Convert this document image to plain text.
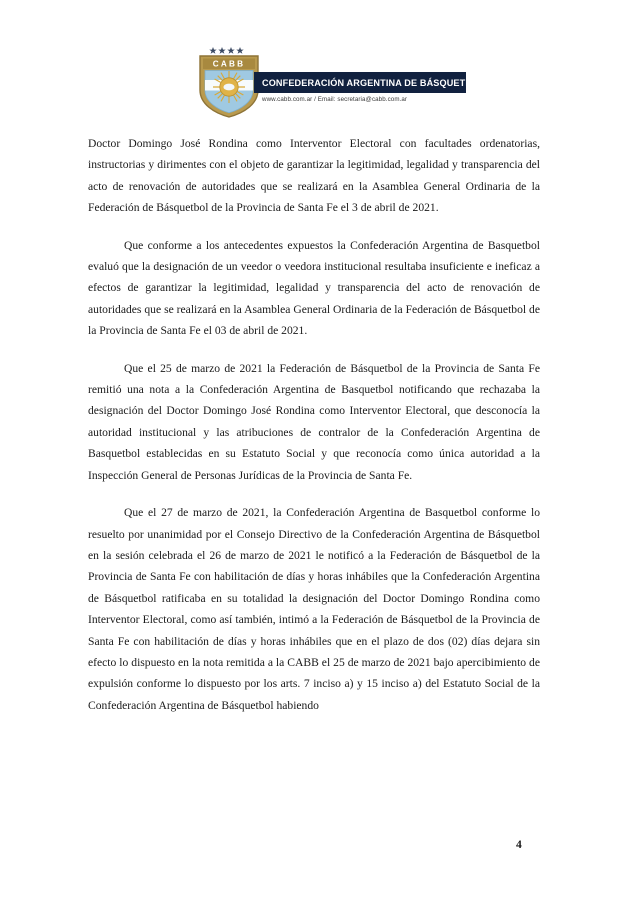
CABB
CONFEDERACIÓN ARGENTINA DE BÁSQUETBOL
www.cabb.com.ar / Email: secretaria@cabb.com.ar

Doctor Domingo José Rondina como Interventor Electoral con facultades ordenatorias, instructorias y dirimentes con el objeto de garantizar la legitimidad, legalidad y transparencia del acto de renovación de autoridades que se realizará en la Asamblea General Ordinaria de la Federación de Básquetbol de la Provincia de Santa Fe el 3 de abril de 2021.

Que conforme a los antecedentes expuestos la Confederación Argentina de Basquetbol evaluó que la designación de un veedor o veedora institucional resultaba insuficiente e ineficaz a efectos de garantizar la legitimidad, legalidad y transparencia del acto de renovación de autoridades que se realizará en la Asamblea General Ordinaria de la Federación de Básquetbol de la Provincia de Santa Fe el 03 de abril de 2021.

Que el 25 de marzo de 2021 la Federación de Básquetbol de la Provincia de Santa Fe remitió una nota a la Confederación Argentina de Basquetbol notificando que rechazaba la designación del Doctor Domingo José Rondina como Interventor Electoral, que desconocía la autoridad institucional y las atribuciones de contralor de la Confederación Argentina de Basquetbol establecidas en su Estatuto Social y que reconocía como única autoridad a la Inspección General de Personas Jurídicas de la Provincia de Santa Fe.

Que el 27 de marzo de 2021, la Confederación Argentina de Basquetbol conforme lo resuelto por unanimidad por el Consejo Directivo de la Confederación Argentina de Básquetbol en la sesión celebrada el 26 de marzo de 2021 le notificó a la Federación de Básquetbol de la Provincia de Santa Fe con habilitación de días y horas inhábiles que la Confederación Argentina de Básquetbol ratificaba en su totalidad la designación del Doctor Domingo Rondina como Interventor Electoral, como así también, intimó a la Federación de Básquetbol de la Provincia de Santa Fe con habilitación de días y horas inhábiles que en el plazo de dos (02) días dejara sin efecto lo dispuesto en la nota remitida a la CABB el 25 de marzo de 2021 bajo apercibimiento de expulsión conforme lo dispuesto por los arts. 7 inciso a) y 15 inciso a) del Estatuto Social de la Confederación Argentina de Básquetbol habiendo

4
